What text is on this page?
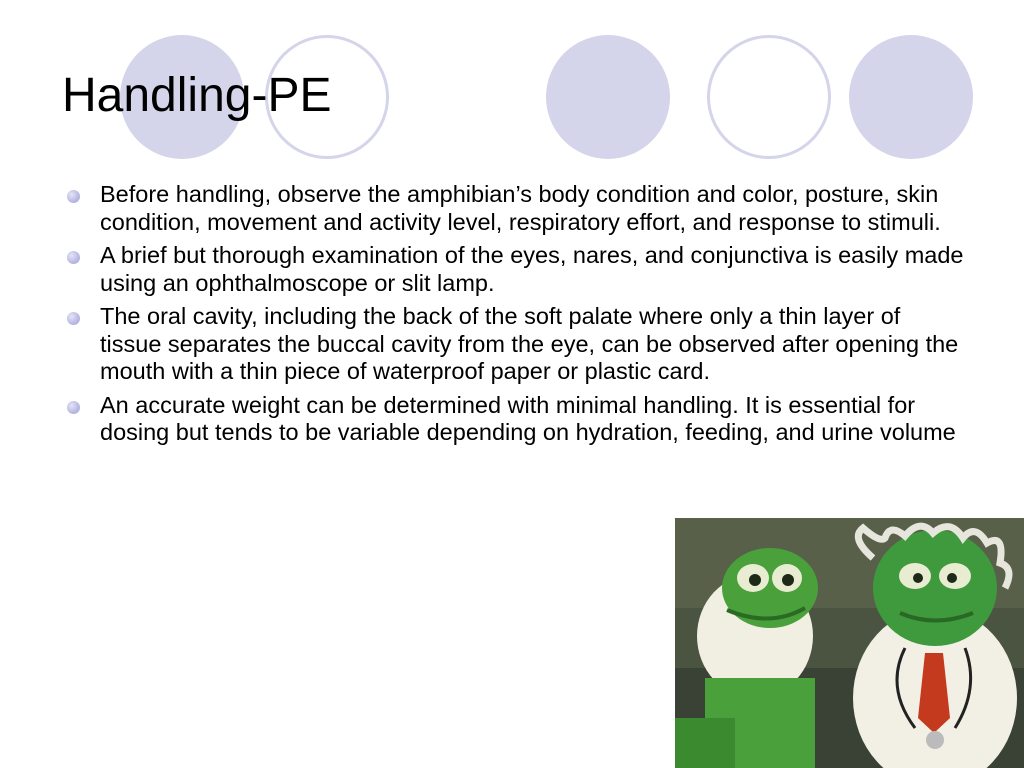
Handling-PE
Before handling, observe the amphibian’s body condition and color, posture, skin condition, movement and activity level, respiratory effort, and response to stimuli.
A brief but thorough examination of the eyes, nares, and conjunctiva is easily made using an ophthalmoscope or slit lamp.
The oral cavity, including the back of the soft palate where only a thin layer of tissue separates the buccal cavity from the eye, can be observed after opening the mouth with a thin piece of waterproof paper or plastic card.
An accurate weight can be determined with minimal handling. It is essential for dosing but tends to be variable depending on hydration, feeding, and urine volume
